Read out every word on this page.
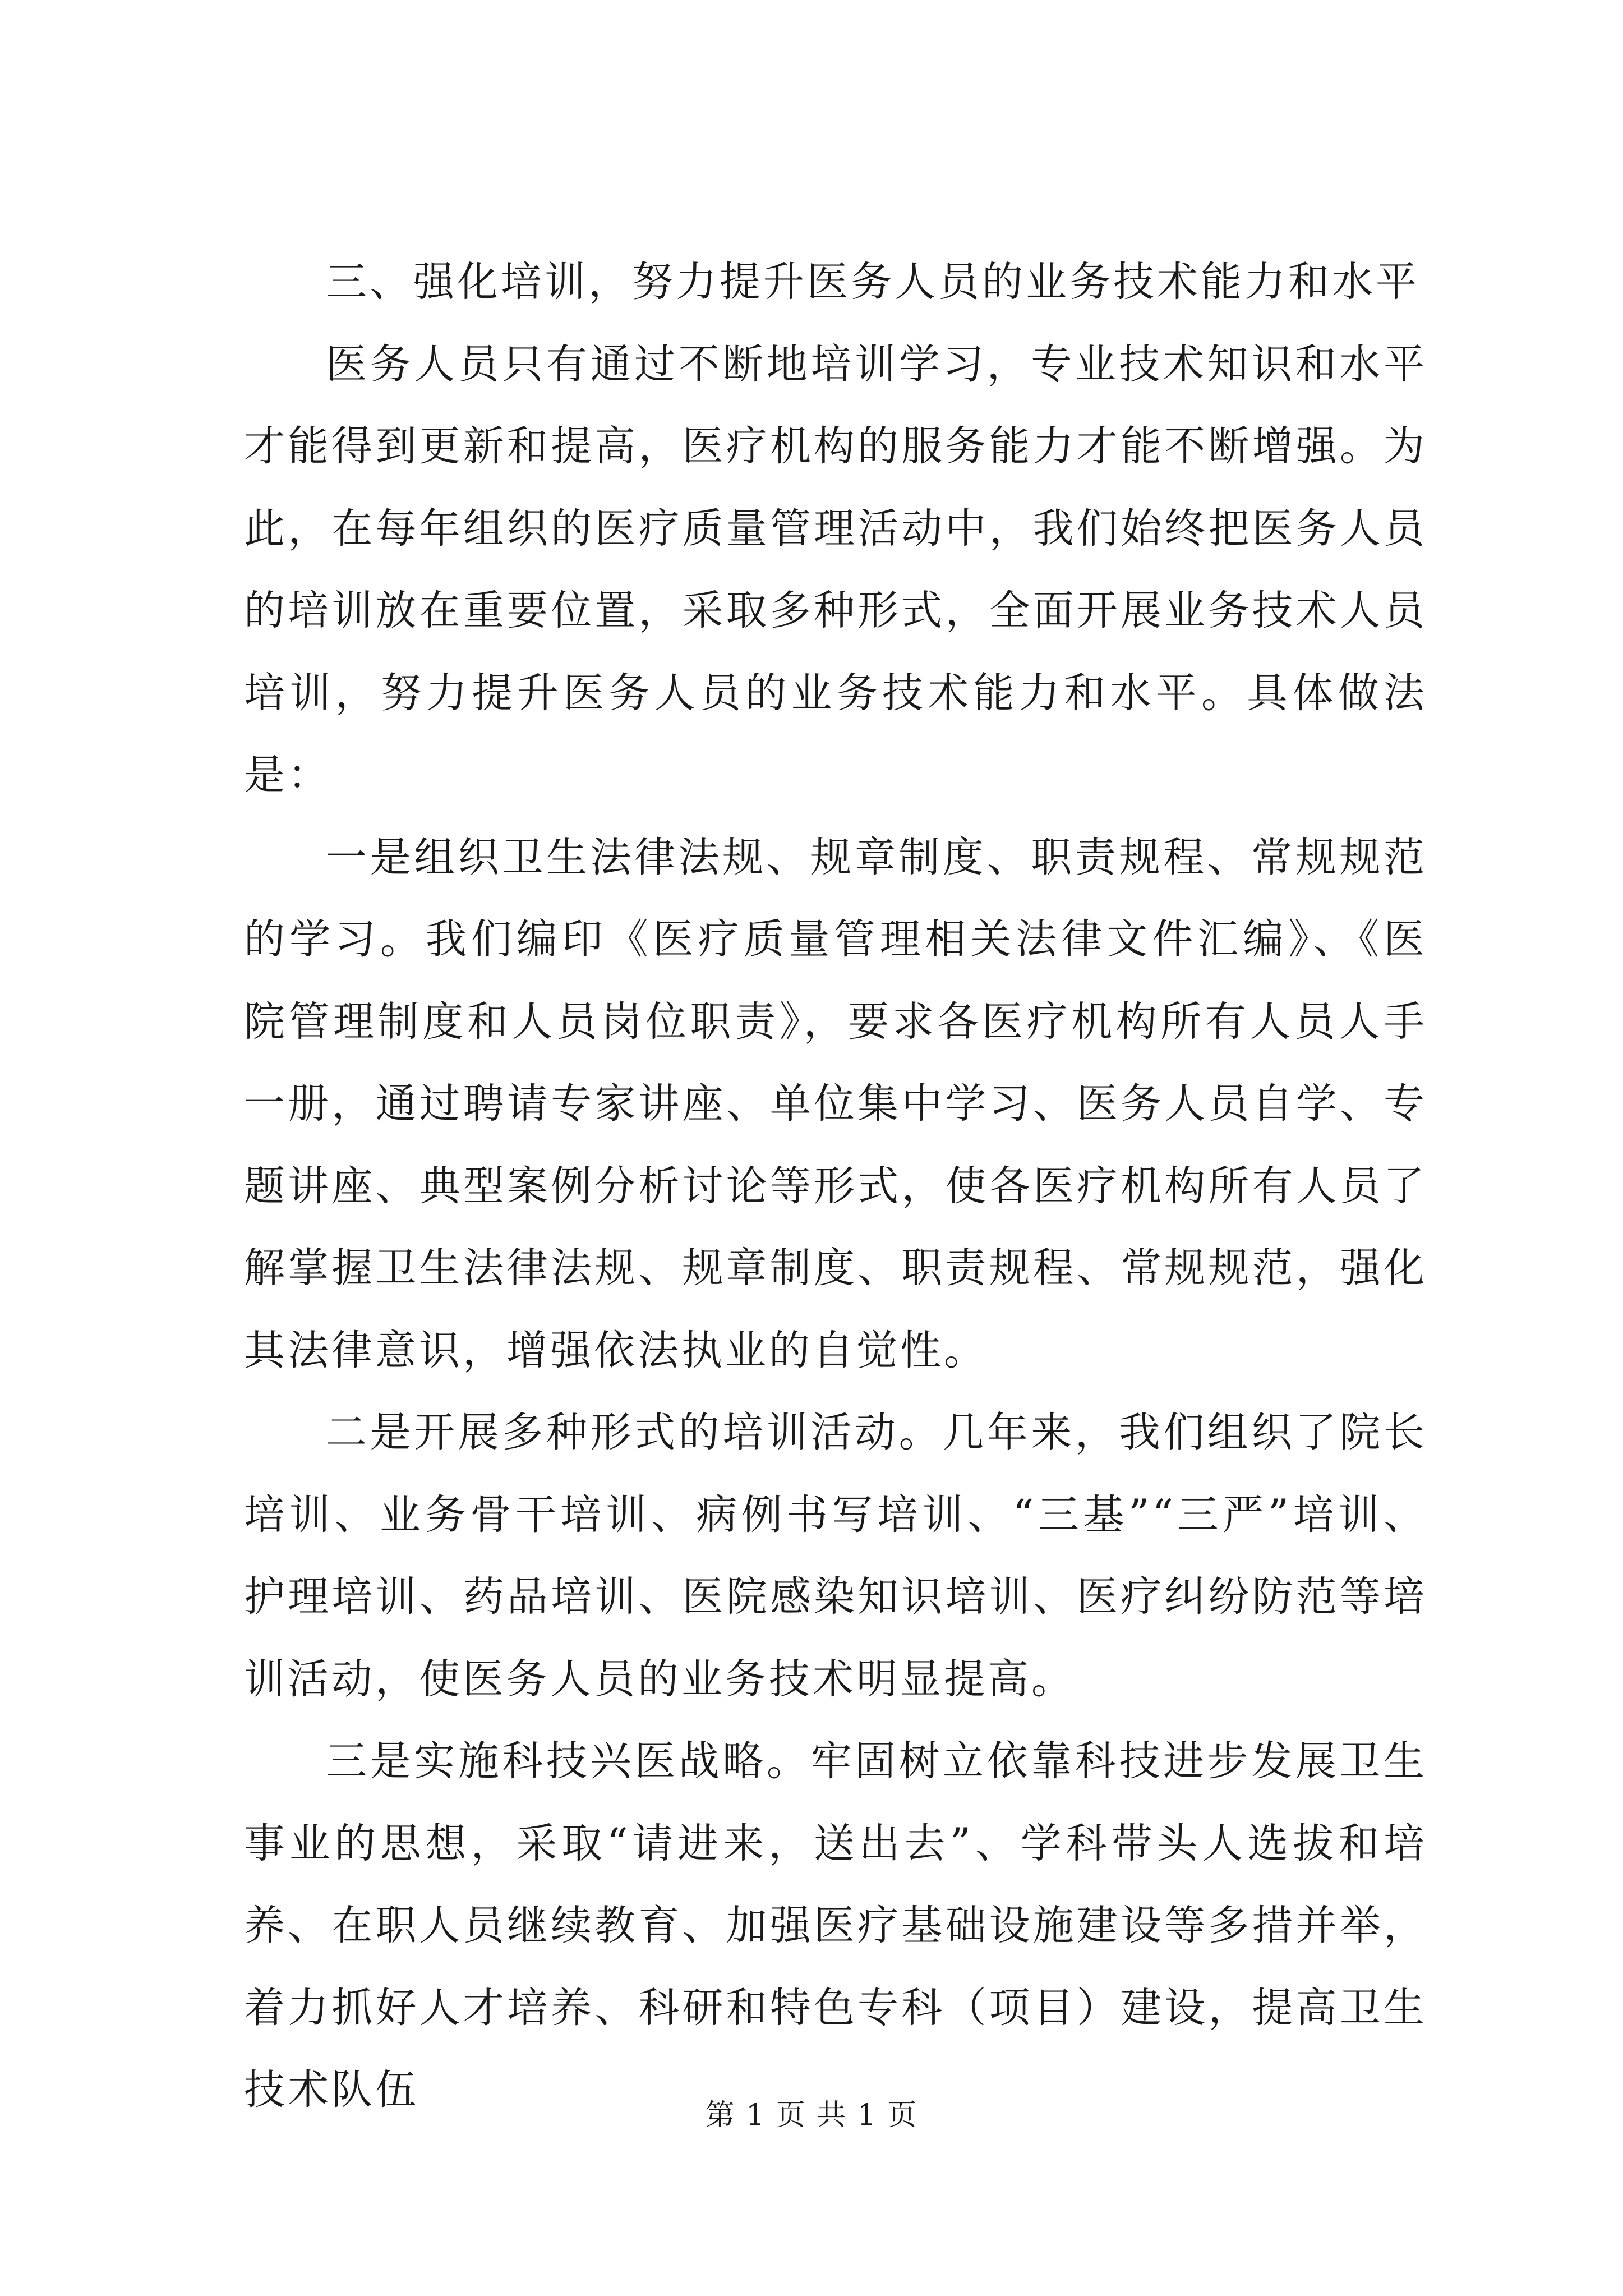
三、强化培训，努力提升医务人员的业务技术能力和水平

医务人员只有通过不断地培训学习，专业技术知识和水平才能得到更新和提高，医疗机构的服务能力才能不断增强。为此，在每年组织的医疗质量管理活动中，我们始终把医务人员的培训放在重要位置，采取多种形式，全面开展业务技术人员培训，努力提升医务人员的业务技术能力和水平。具体做法是：

一是组织卫生法律法规、规章制度、职责规程、常规规范的学习。我们编印《医疗质量管理相关法律文件汇编》、《医院管理制度和人员岗位职责》，要求各医疗机构所有人员人手一册，通过聘请专家讲座、单位集中学习、医务人员自学、专题讲座、典型案例分析讨论等形式，使各医疗机构所有人员了解掌握卫生法律法规、规章制度、职责规程、常规规范，强化其法律意识，增强依法执业的自觉性。

二是开展多种形式的培训活动。几年来，我们组织了院长培训、业务骨干培训、病例书写培训、“三基”“三严”培训、护理培训、药品培训、医院感染知识培训、医疗纠纷防范等培训活动，使医务人员的业务技术明显提高。

三是实施科技兴医战略。牢固树立依靠科技进步发展卫生事业的思想，采取“请进来，送出去”、学科带头人选拔和培养、在职人员继续教育、加强医疗基础设施建设等多措并举，着力抓好人才培养、科研和特色专科（项目）建设，提高卫生技术队伍

第 1 页 共 1 页
